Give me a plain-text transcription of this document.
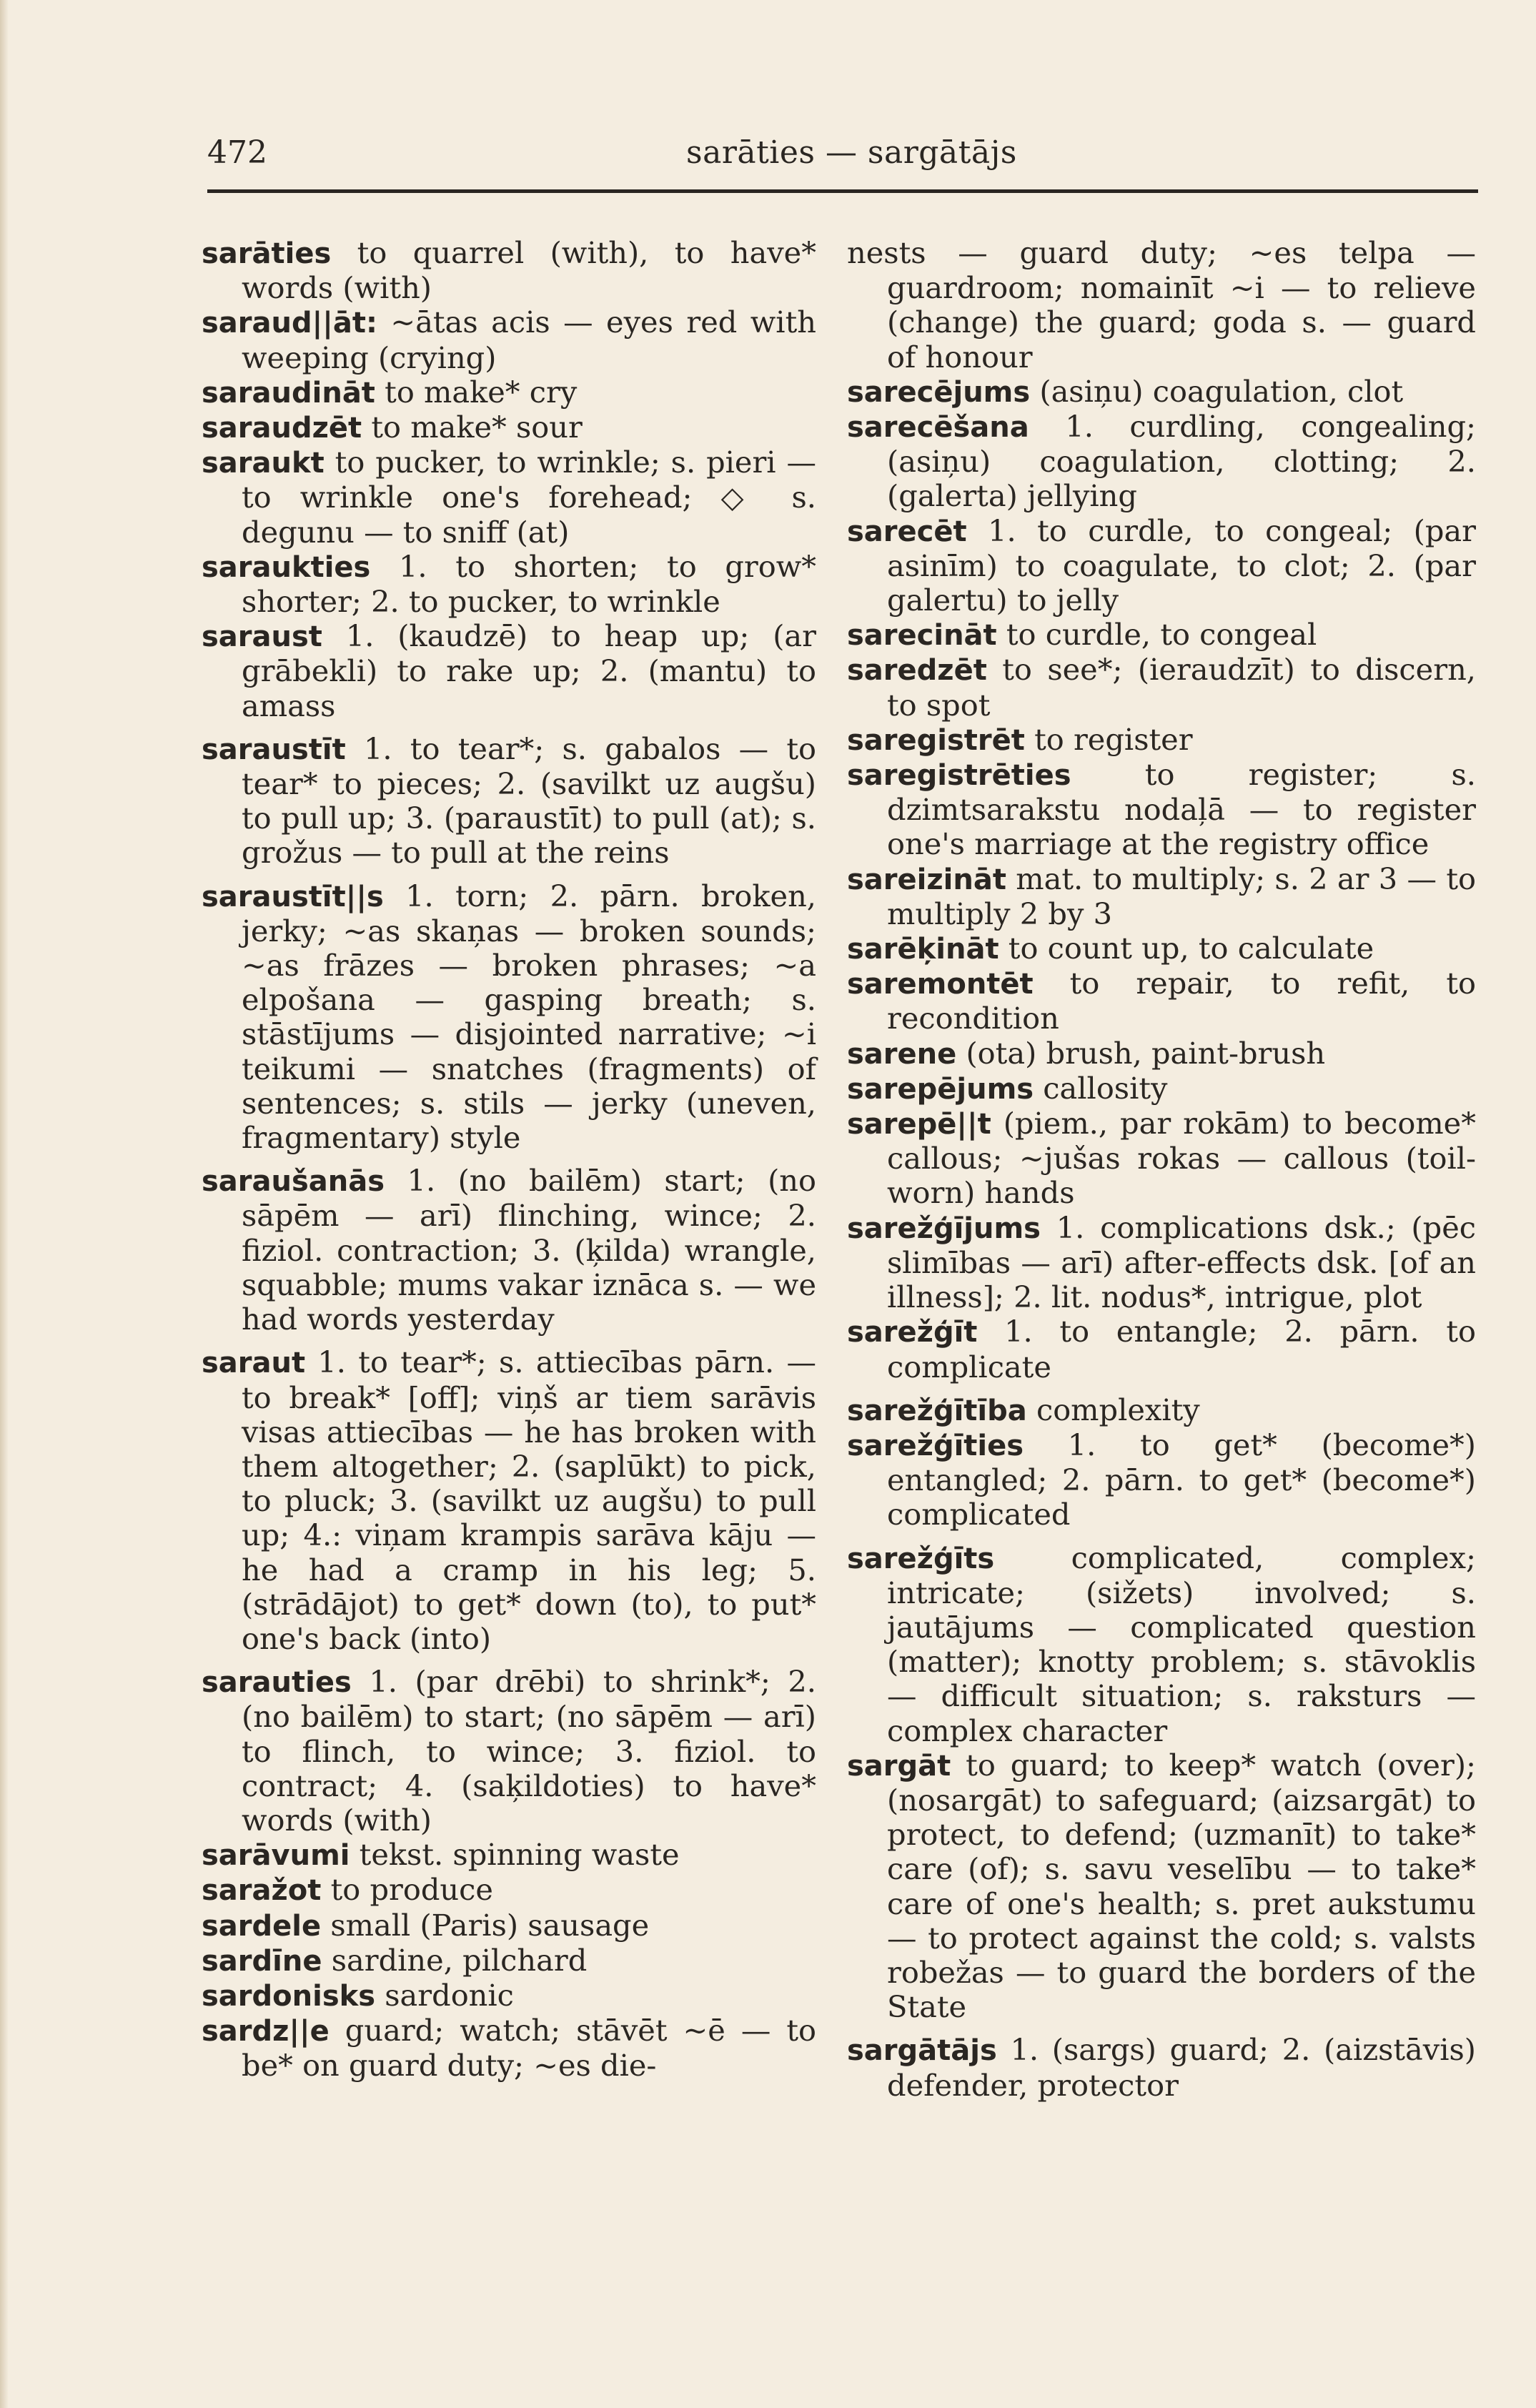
472	sarāties — sargātājs

sarāties to quarrel (with), to have* words (with)

saraud||āt: ~ātas acis — eyes red with weeping (crying)

saraudināt to make* cry

saraudzēt to make* sour

saraukt to pucker, to wrinkle; s. pieri — to wrinkle one's forehead; ◇ s. degunu — to sniff (at)

saraukties 1. to shorten; to grow* shorter; 2. to pucker, to wrinkle

saraust 1. (kaudzē) to heap up; (ar grābekli) to rake up; 2. (mantu) to amass

saraustīt 1. to tear*; s. gabalos — to tear* to pieces; 2. (savilkt uz augšu) to pull up; 3. (paraustīt) to pull (at); s. grožus — to pull at the reins

saraustīt||s 1. torn; 2. pārn. broken, jerky; ~as skaņas — broken sounds; ~as frāzes — broken phrases; ~a elpošana — gasping breath; s. stāstījums — disjointed narrative; ~i teikumi — snatches (fragments) of sentences; s. stils — jerky (uneven, fragmentary) style

saraušanās 1. (no bailēm) start; (no sāpēm — arī) flinching, wince; 2. fiziol. contraction; 3. (ķilda) wrangle, squabble; mums vakar iznāca s. — we had words yesterday

saraut 1. to tear*; s. attiecības pārn. — to break* [off]; viņš ar tiem sarāvis visas attiecības — he has broken with them altogether; 2. (saplūkt) to pick, to pluck; 3. (savilkt uz augšu) to pull up; 4.: viņam krampis sarāva kāju — he had a cramp in his leg; 5. (strādājot) to get* down (to), to put* one's back (into)

sarauties 1. (par drēbi) to shrink*; 2. (no bailēm) to start; (no sāpēm — arī) to flinch, to wince; 3. fiziol. to contract; 4. (saķildoties) to have* words (with)

sarāvumi tekst. spinning waste

saražot to produce

sardele small (Paris) sausage

sardīne sardine, pilchard

sardonisks sardonic

sardz||e guard; watch; stāvēt ~ē — to be* on guard duty; ~es die-

nests — guard duty; ~es telpa — guardroom; nomainīt ~i — to relieve (change) the guard; goda s. — guard of honour

sarecējums (asiņu) coagulation, clot

sarecēšana 1. curdling, congealing; (asiņu) coagulation, clotting; 2. (galerta) jellying

sarecēt 1. to curdle, to congeal; (par asinīm) to coagulate, to clot; 2. (par galertu) to jelly

sarecināt to curdle, to congeal

saredzēt to see*; (ieraudzīt) to discern, to spot

saregistrēt to register

saregistrēties to register; s. dzimtsarakstu nodaļā — to register one's marriage at the registry office

sareizināt mat. to multiply; s. 2 ar 3 — to multiply 2 by 3

sarēķināt to count up, to calculate

saremontēt to repair, to refit, to recondition

sarene (ota) brush, paint-brush

sarepējums callosity

sarepē||t (piem., par rokām) to become* callous; ~jušas rokas — callous (toil-worn) hands

sarežģījums 1. complications dsk.; (pēc slimības — arī) after-effects dsk. [of an illness]; 2. lit. nodus*, intrigue, plot

sarežģīt 1. to entangle; 2. pārn. to complicate

sarežģītība complexity

sarežģīties 1. to get* (become*) entangled; 2. pārn. to get* (become*) complicated

sarežģīts	complicated, complex; intricate; (sižets) involved; s. jautājums — complicated question (matter); knotty problem; s. stāvoklis — difficult situation; s. raksturs — complex character

sargāt to guard; to keep* watch (over); (nosargāt) to safeguard; (aizsargāt) to protect, to defend; (uzmanīt) to take* care (of); s. savu veselību — to take* care of one's health; s. pret aukstumu — to protect against the cold; s. valsts robežas — to guard the borders of the State

sargātājs 1. (sargs) guard; 2. (aizstāvis) defender, protector
